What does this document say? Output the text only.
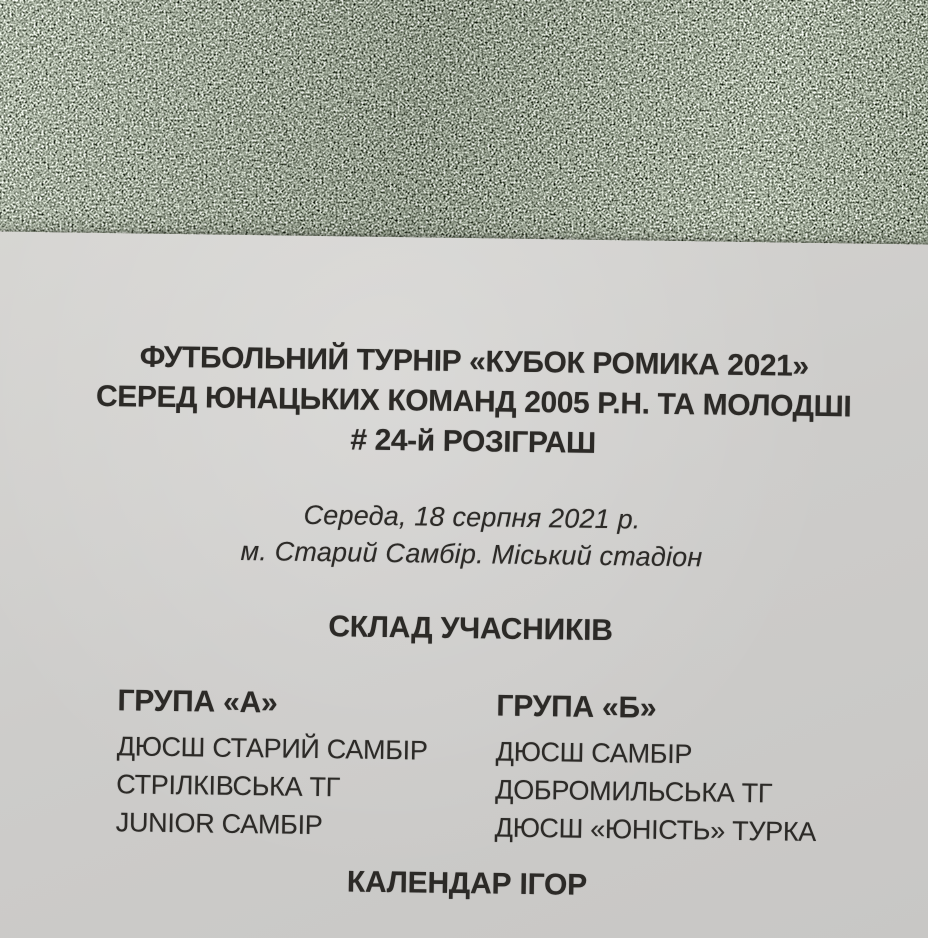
ФУТБОЛЬНИЙ ТУРНІР «КУБОК РОМИКА 2021»
СЕРЕД ЮНАЦЬКИХ КОМАНД 2005 Р.Н. ТА МОЛОДШІ
# 24-й РОЗІГРАШ
Середа, 18 серпня 2021 р.
м. Старий Самбір. Міський стадіон
СКЛАД УЧАСНИКІВ
ГРУПА «А»
ДЮСШ СТАРИЙ САМБІР
СТРІЛКІВСЬКА ТГ
JUNIOR САМБІР
ГРУПА «Б»
ДЮСШ САМБІР
ДОБРОМИЛЬСЬКА ТГ
ДЮСШ «ЮНІСТЬ» ТУРКА
КАЛЕНДАР ІГОР
